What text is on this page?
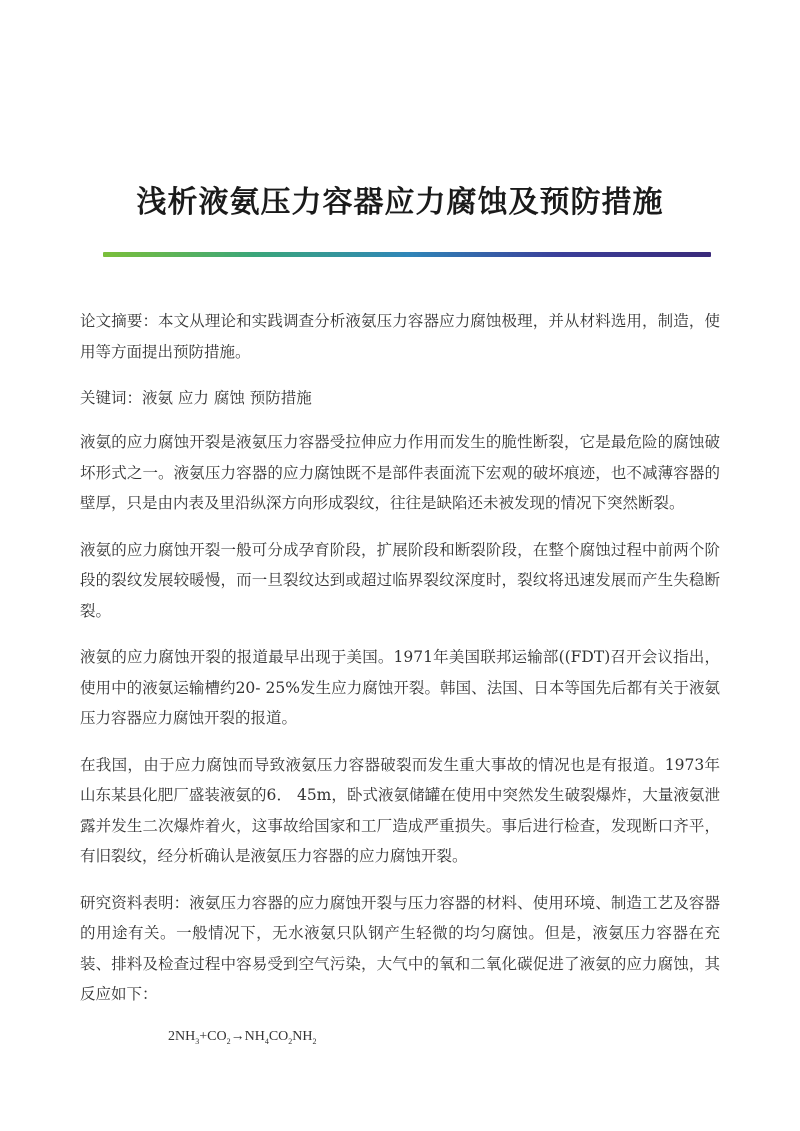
浅析液氨压力容器应力腐蚀及预防措施

论文摘要：本文从理论和实践调查分析液氨压力容器应力腐蚀极理，并从材料选用，制造，使用等方面提出预防措施。

关键词：液氨 应力 腐蚀 预防措施

液氨的应力腐蚀开裂是液氨压力容器受拉伸应力作用而发生的脆性断裂，它是最危险的腐蚀破坏形式之一。液氨压力容器的应力腐蚀既不是部件表面流下宏观的破坏痕迹，也不减薄容器的壁厚，只是由内表及里沿纵深方向形成裂纹，往往是缺陷还未被发现的情况下突然断裂。

液氨的应力腐蚀开裂一般可分成孕育阶段，扩展阶段和断裂阶段，在整个腐蚀过程中前两个阶段的裂纹发展较暖慢，而一旦裂纹达到或超过临界裂纹深度时，裂纹将迅速发展而产生失稳断裂。

液氨的应力腐蚀开裂的报道最早出现于美国。1971年美国联邦运输部((FDT)召开会议指出，使用中的液氨运输槽约20- 25%发生应力腐蚀开裂。韩国、法国、日本等国先后都有关于液氨压力容器应力腐蚀开裂的报道。

在我国，由于应力腐蚀而导致液氨压力容器破裂而发生重大事故的情况也是有报道。1973年山东某县化肥厂盛装液氨的6． 45m，卧式液氨储罐在使用中突然发生破裂爆炸，大量液氨泄露并发生二次爆炸着火，这事故给国家和工厂造成严重损失。事后进行检查，发现断口齐平，有旧裂纹，经分析确认是液氨压力容器的应力腐蚀开裂。

研究资料表明：液氨压力容器的应力腐蚀开裂与压力容器的材料、使用环境、制造工艺及容器的用途有关。一般情况下，无水液氨只队钢产生轻微的均匀腐蚀。但是，液氨压力容器在充装、排料及检查过程中容易受到空气污染，大气中的氧和二氧化碳促进了液氨的应力腐蚀，其反应如下：

$2NH_3+CO_2\to NH_4CO_2NH_2$
